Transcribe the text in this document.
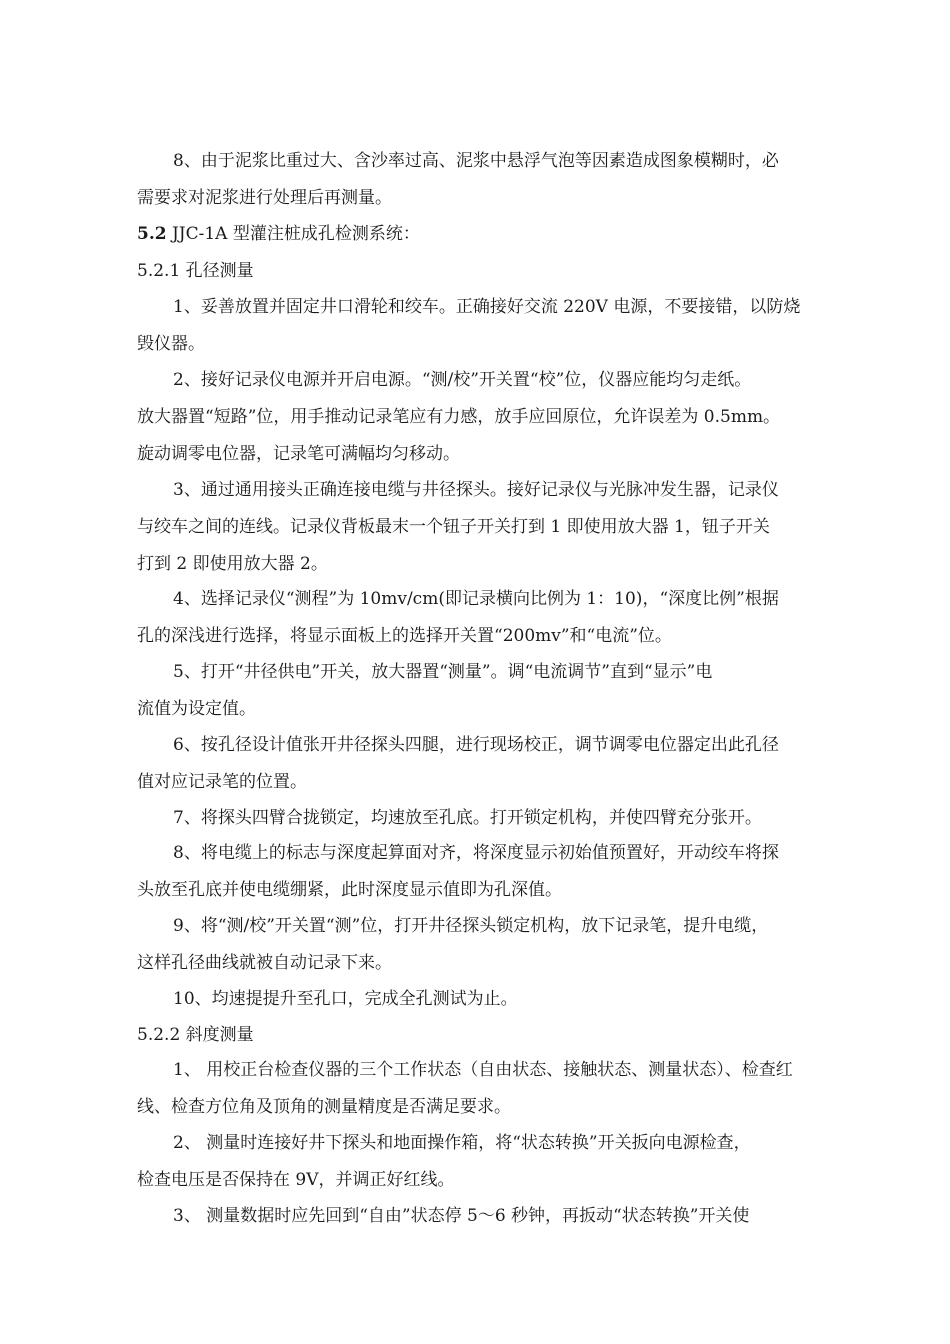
8、由于泥浆比重过大、含沙率过高、泥浆中悬浮气泡等因素造成图象模糊时，必
需要求对泥浆进行处理后再测量。
5.2 JJC-1A 型灌注桩成孔检测系统：
5.2.1 孔径测量
1、妥善放置并固定井口滑轮和绞车。正确接好交流 220V 电源，不要接错，以防烧
毁仪器。
2、接好记录仪电源并开启电源。“测/校”开关置“校”位，仪器应能均匀走纸。
放大器置“短路”位，用手推动记录笔应有力感，放手应回原位，允许误差为 0.5mm。
旋动调零电位器，记录笔可满幅均匀移动。
3、通过通用接头正确连接电缆与井径探头。接好记录仪与光脉冲发生器，记录仪
与绞车之间的连线。记录仪背板最末一个钮子开关打到 1 即使用放大器 1，钮子开关
打到 2 即使用放大器 2。
4、选择记录仪“测程”为 10mv/cm(即记录横向比例为 1：10)，“深度比例”根据
孔的深浅进行选择，将显示面板上的选择开关置“200mv”和“电流”位。
5、打开“井径供电”开关，放大器置“测量”。调“电流调节”直到“显示”电
流值为设定值。
6、按孔径设计值张开井径探头四腿，进行现场校正，调节调零电位器定出此孔径
值对应记录笔的位置。
7、将探头四臂合拢锁定，均速放至孔底。打开锁定机构，并使四臂充分张开。
8、将电缆上的标志与深度起算面对齐，将深度显示初始值预置好，开动绞车将探
头放至孔底并使电缆绷紧，此时深度显示值即为孔深值。
9、将“测/校”开关置“测”位，打开井径探头锁定机构，放下记录笔，提升电缆，
这样孔径曲线就被自动记录下来。
10、均速提提升至孔口，完成全孔测试为止。
5.2.2 斜度测量
1、 用校正台检查仪器的三个工作状态（自由状态、接触状态、测量状态）、检查红
线、检查方位角及顶角的测量精度是否满足要求。
2、 测量时连接好井下探头和地面操作箱，将“状态转换”开关扳向电源检查，
检查电压是否保持在 9V，并调正好红线。
3、 测量数据时应先回到“自由”状态停 5～6 秒钟，再扳动“状态转换”开关使
